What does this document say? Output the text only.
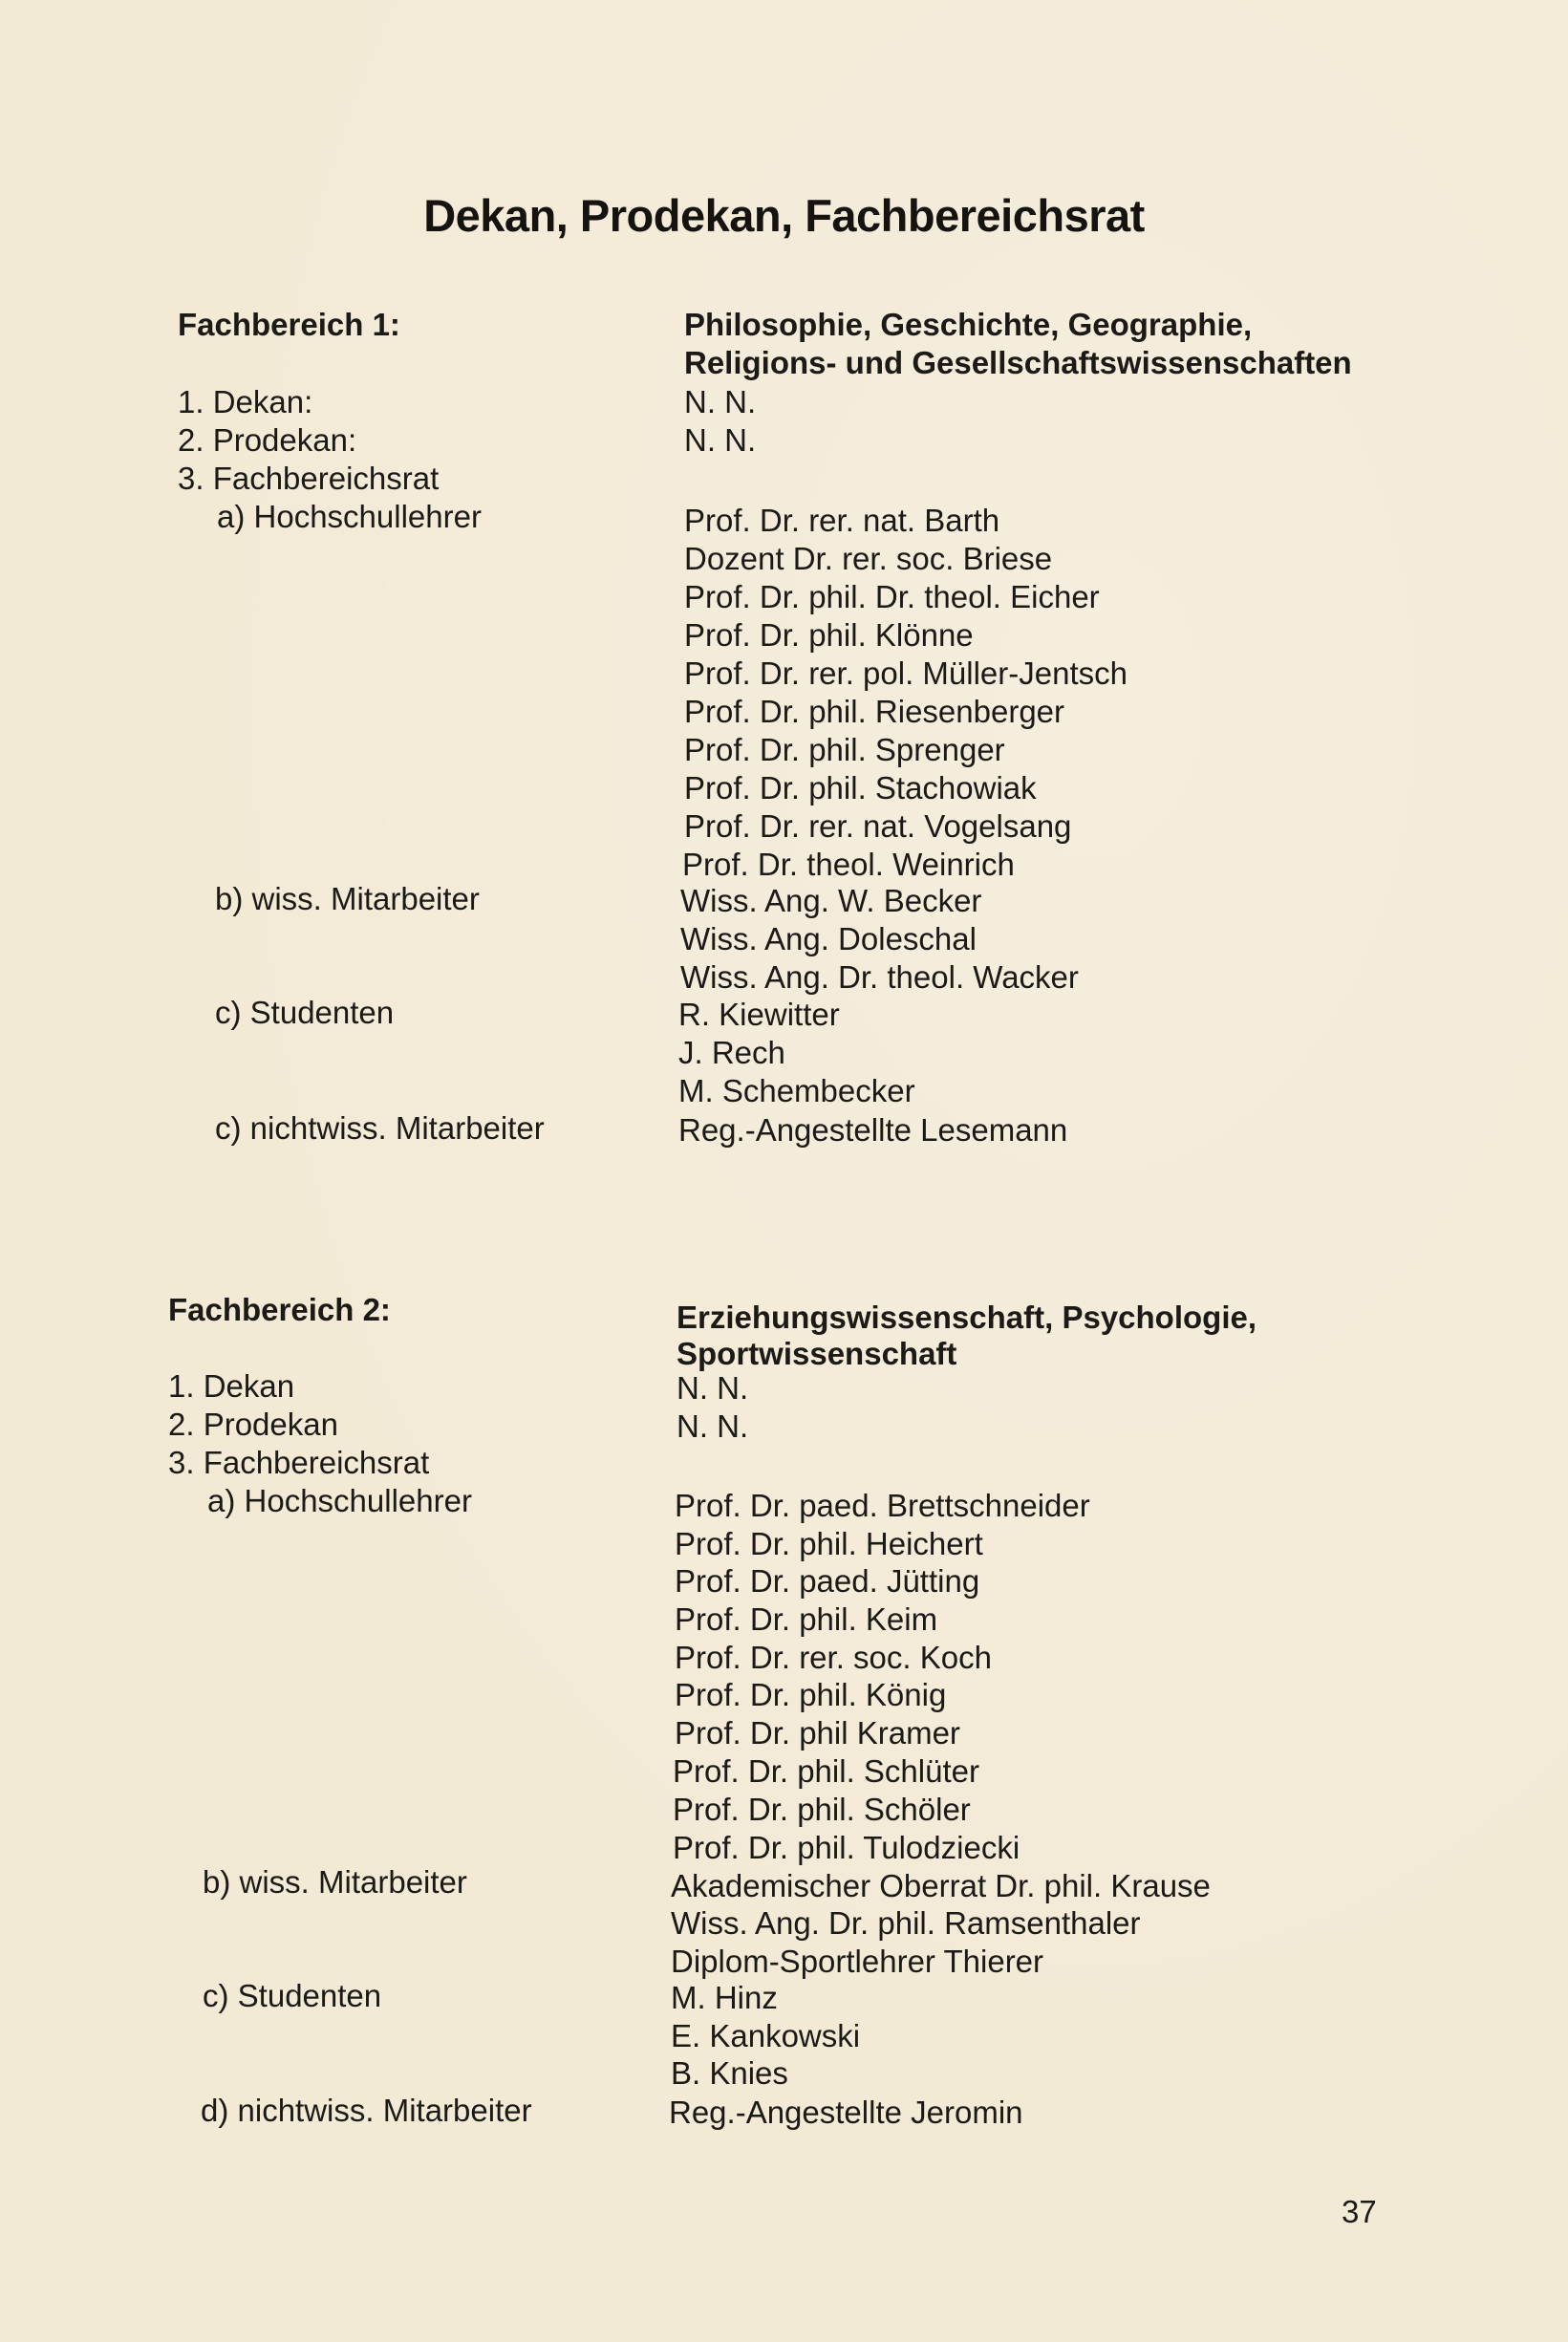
Dekan, Prodekan, Fachbereichsrat
Fachbereich 1:	Philosophie, Geschichte, Geographie,
Religions- und Gesellschaftswissenschaften
1. Dekan:	N. N.
2. Prodekan:	N. N.
3. Fachbereichsrat
a) Hochschullehrer	Prof. Dr. rer. nat. Barth
Dozent Dr. rer. soc. Briese
Prof. Dr. phil. Dr. theol. Eicher
Prof. Dr. phil. Klönne
Prof. Dr. rer. pol. Müller-Jentsch
Prof. Dr. phil. Riesenberger
Prof. Dr. phil. Sprenger
Prof. Dr. phil. Stachowiak
Prof. Dr. rer. nat. Vogelsang
Prof. Dr. theol. Weinrich
b) wiss. Mitarbeiter	Wiss. Ang. W. Becker
Wiss. Ang. Doleschal
Wiss. Ang. Dr. theol. Wacker
c) Studenten	R. Kiewitter
J. Rech
M. Schembecker
c) nichtwiss. Mitarbeiter	Reg.-Angestellte Lesemann
Fachbereich 2:	Erziehungswissenschaft, Psychologie,
Sportwissenschaft
1. Dekan	N. N.
2. Prodekan	N. N.
3. Fachbereichsrat
a) Hochschullehrer	Prof. Dr. paed. Brettschneider
Prof. Dr. phil. Heichert
Prof. Dr. paed. Jütting
Prof. Dr. phil. Keim
Prof. Dr. rer. soc. Koch
Prof. Dr. phil. König
Prof. Dr. phil Kramer
Prof. Dr. phil. Schlüter
Prof. Dr. phil. Schöler
Prof. Dr. phil. Tulodziecki
b) wiss. Mitarbeiter	Akademischer Oberrat Dr. phil. Krause
Wiss. Ang. Dr. phil. Ramsenthaler
Diplom-Sportlehrer Thierer
c) Studenten	M. Hinz
E. Kankowski
B. Knies
d) nichtwiss. Mitarbeiter	Reg.-Angestellte Jeromin
37
